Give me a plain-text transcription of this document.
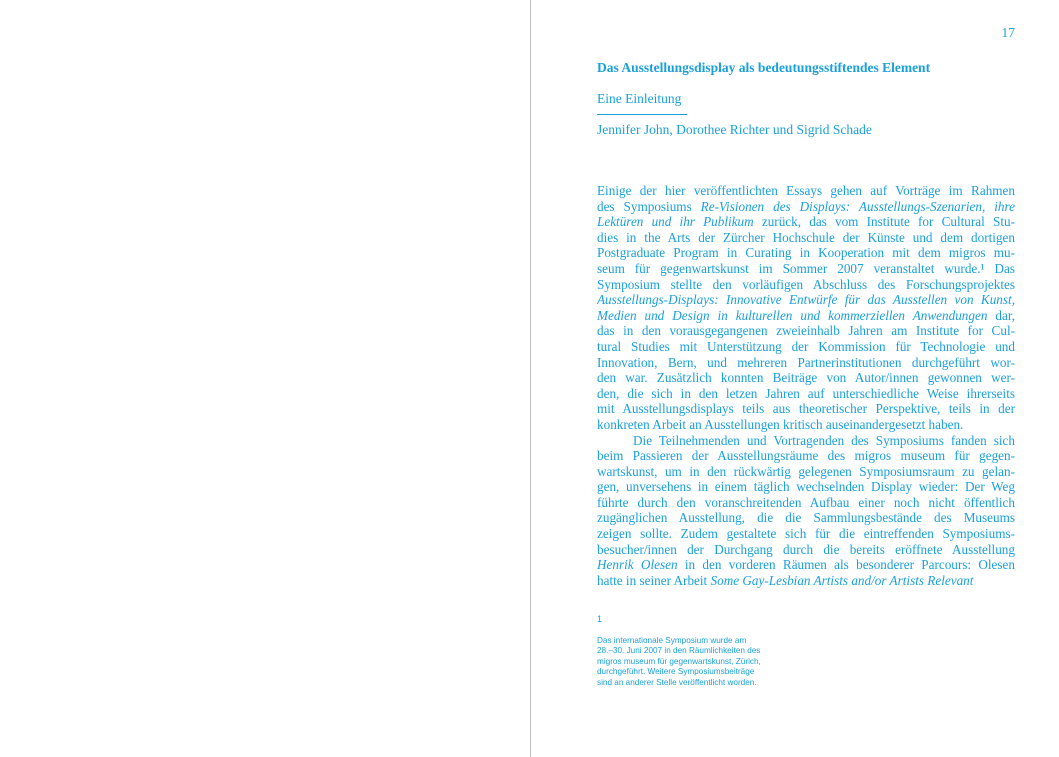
17
Das Ausstellungsdisplay als bedeutungsstiftendes Element
Eine Einleitung
Jennifer John, Dorothee Richter und Sigrid Schade
Einige der hier veröffentlichten Essays gehen auf Vorträge im Rahmen
des Symposiums Re-Visionen des Displays: Ausstellungs-Szenarien, ihre
Lektüren und ihr Publikum zurück, das vom Institute for Cultural Stu-
dies in the Arts der Zürcher Hochschule der Künste und dem dortigen
Postgraduate Program in Curating in Kooperation mit dem migros mu-
seum für gegenwartskunst im Sommer 2007 veranstaltet wurde.¹ Das
Symposium stellte den vorläufigen Abschluss des Forschungsprojektes
Ausstellungs-Displays: Innovative Entwürfe für das Ausstellen von Kunst,
Medien und Design in kulturellen und kommerziellen Anwendungen dar,
das in den vorausgegangenen zweieinhalb Jahren am Institute for Cul-
tural Studies mit Unterstützung der Kommission für Technologie und
Innovation, Bern, und mehreren Partnerinstitutionen durchgeführt wor-
den war. Zusätzlich konnten Beiträge von Autor/innen gewonnen wer-
den, die sich in den letzen Jahren auf unterschiedliche Weise ihrerseits
mit Ausstellungsdisplays teils aus theoretischer Perspektive, teils in der
konkreten Arbeit an Ausstellungen kritisch auseinandergesetzt haben.
Die Teilnehmenden und Vortragenden des Symposiums fanden sich
beim Passieren der Ausstellungsräume des migros museum für gegen-
wartskunst, um in den rückwärtig gelegenen Symposiumsraum zu gelan-
gen, unversehens in einem täglich wechselnden Display wieder: Der Weg
führte durch den voranschreitenden Aufbau einer noch nicht öffentlich
zugänglichen Ausstellung, die die Sammlungsbestände des Museums
zeigen sollte. Zudem gestaltete sich für die eintreffenden Symposiums-
besucher/innen der Durchgang durch die bereits eröffnete Ausstellung
Henrik Olesen in den vorderen Räumen als besonderer Parcours: Olesen
hatte in seiner Arbeit Some Gay-Lesbian Artists and/or Artists Relevant
1
Das internationale Symposium wurde am
28.–30. Juni 2007 in den Räumlichkeiten des
migros museum für gegenwartskunst, Zürich,
durchgeführt. Weitere Symposiumsbeiträge
sind an anderer Stelle veröffentlicht worden.
